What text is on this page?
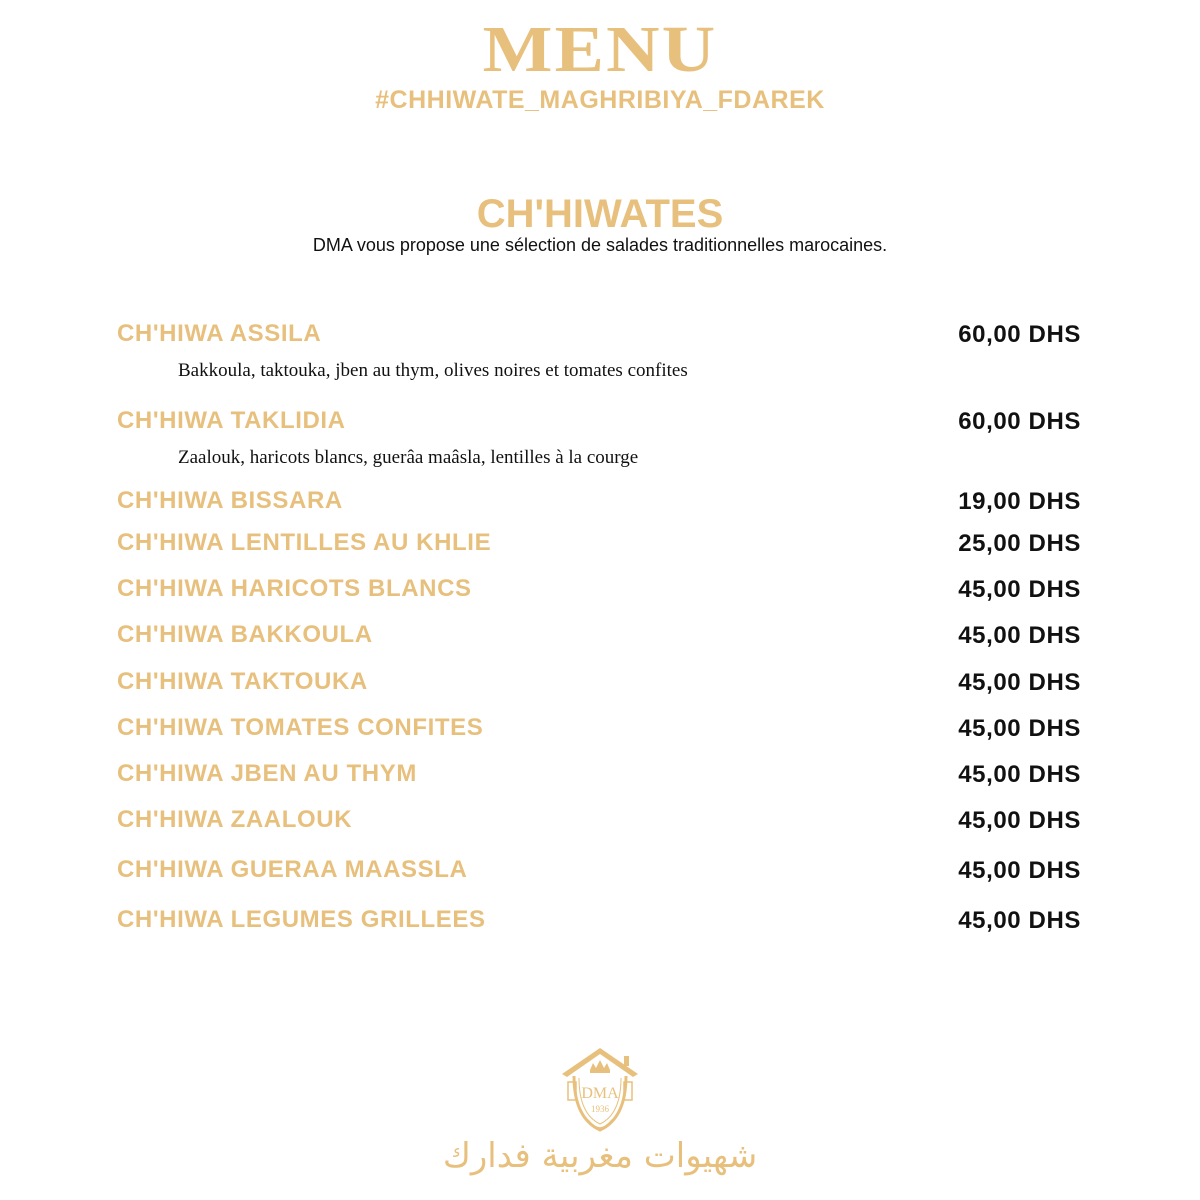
MENU
#CHHIWATE_MAGHRIBIYA_FDAREK
CH'HIWATES
DMA vous propose une sélection de salades traditionnelles marocaines.
CH'HIWA ASSILA	60,00 DHS
Bakkoula, taktouka, jben au thym, olives noires et tomates confites
CH'HIWA TAKLIDIA	60,00 DHS
Zaalouk, haricots blancs, guerâa maâsla, lentilles à la courge
CH'HIWA BISSARA	19,00 DHS
CH'HIWA LENTILLES AU KHLIE	25,00 DHS
CH'HIWA HARICOTS BLANCS	45,00 DHS
CH'HIWA BAKKOULA	45,00 DHS
CH'HIWA TAKTOUKA	45,00 DHS
CH'HIWA TOMATES CONFITES	45,00 DHS
CH'HIWA JBEN AU THYM	45,00 DHS
CH'HIWA ZAALOUK	45,00 DHS
CH'HIWA GUERAA MAASSLA	45,00 DHS
CH'HIWA LEGUMES GRILLEES	45,00 DHS
DMA
1936
شهيوات مغربية فدارك
